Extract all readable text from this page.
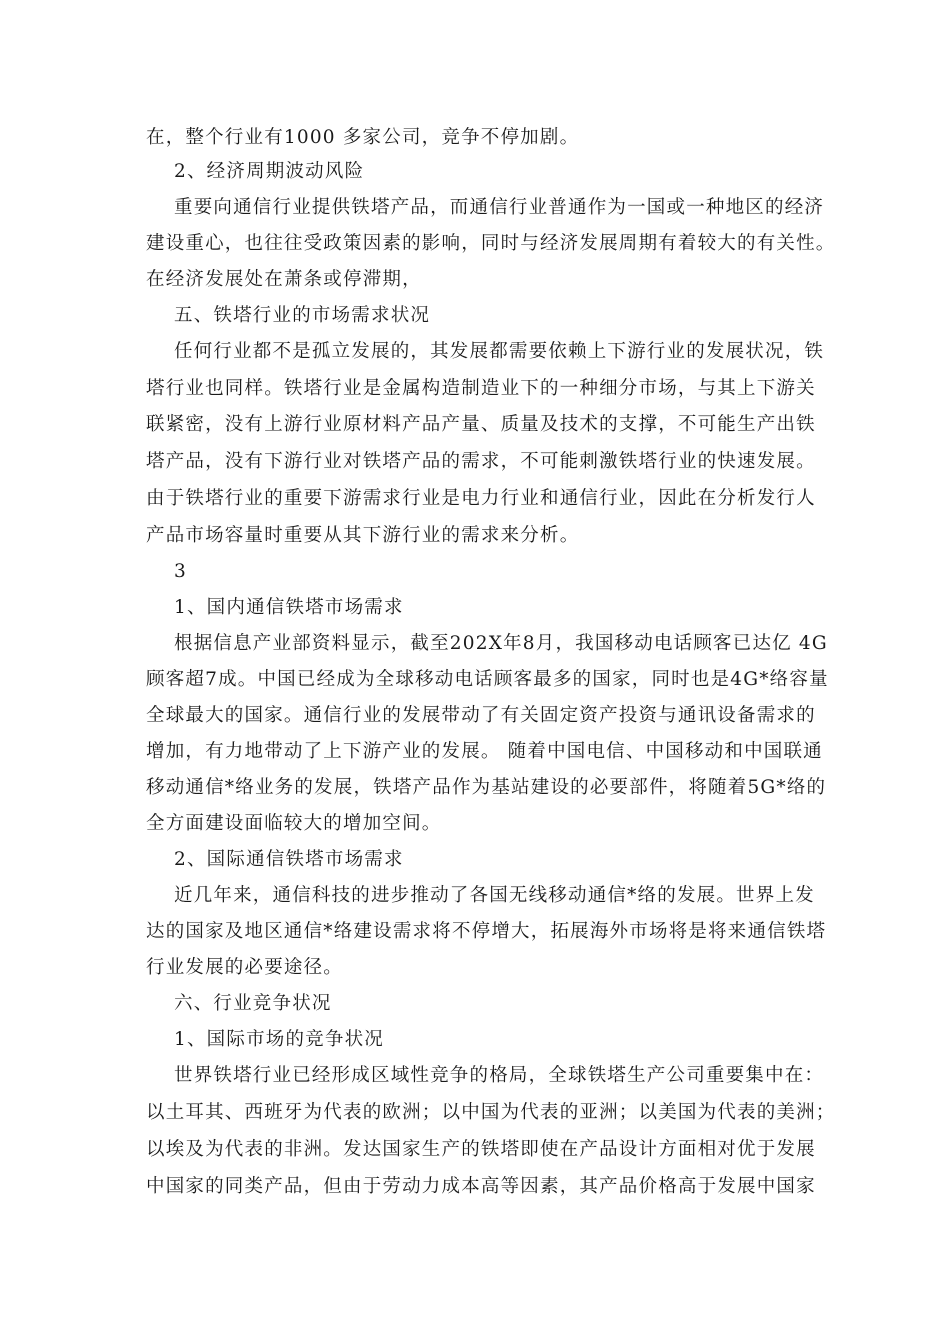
在，整个行业有1000 多家公司，竞争不停加剧。
2、经济周期波动风险
重要向通信行业提供铁塔产品，而通信行业普通作为一国或一种地区的经济
建设重心，也往往受政策因素的影响，同时与经济发展周期有着较大的有关性。
在经济发展处在萧条或停滞期，
五、铁塔行业的市场需求状况
任何行业都不是孤立发展的，其发展都需要依赖上下游行业的发展状况，铁
塔行业也同样。铁塔行业是金属构造制造业下的一种细分市场，与其上下游关
联紧密，没有上游行业原材料产品产量、质量及技术的支撑，不可能生产出铁
塔产品，没有下游行业对铁塔产品的需求，不可能刺激铁塔行业的快速发展。
由于铁塔行业的重要下游需求行业是电力行业和通信行业，因此在分析发行人
产品市场容量时重要从其下游行业的需求来分析。
3
1、国内通信铁塔市场需求
根据信息产业部资料显示，截至202X年8月，我国移动电话顾客已达亿 4G
顾客超7成。中国已经成为全球移动电话顾客最多的国家，同时也是4G*络容量
全球最大的国家。通信行业的发展带动了有关固定资产投资与通讯设备需求的
增加，有力地带动了上下游产业的发展。 随着中国电信、中国移动和中国联通
移动通信*络业务的发展，铁塔产品作为基站建设的必要部件，将随着5G*络的
全方面建设面临较大的增加空间。
2、国际通信铁塔市场需求
近几年来，通信科技的进步推动了各国无线移动通信*络的发展。世界上发
达的国家及地区通信*络建设需求将不停增大，拓展海外市场将是将来通信铁塔
行业发展的必要途径。
六、行业竞争状况
1、国际市场的竞争状况
世界铁塔行业已经形成区域性竞争的格局，全球铁塔生产公司重要集中在：
以土耳其、西班牙为代表的欧洲；以中国为代表的亚洲；以美国为代表的美洲；
以埃及为代表的非洲。发达国家生产的铁塔即使在产品设计方面相对优于发展
中国家的同类产品，但由于劳动力成本高等因素，其产品价格高于发展中国家
